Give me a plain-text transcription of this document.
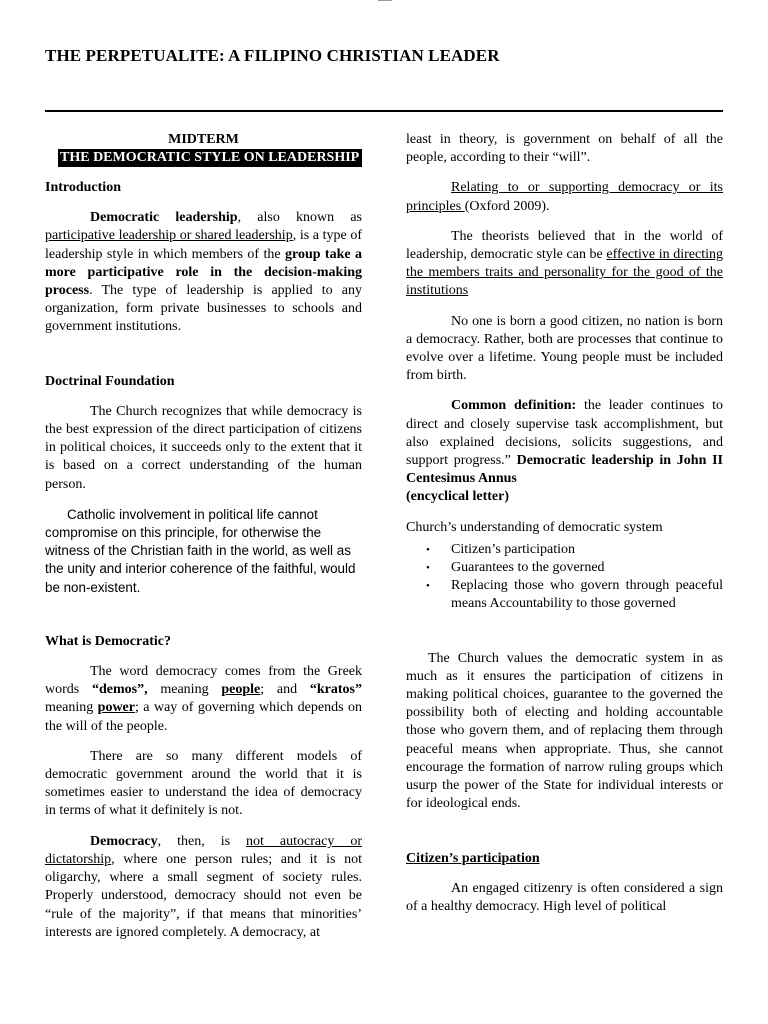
THE PERPETUALITE: A FILIPINO CHRISTIAN LEADER
MIDTERM
THE DEMOCRATIC STYLE ON LEADERSHIP

Introduction

Democratic leadership, also known as participative leadership or shared leadership, is a type of leadership style in which members of the group take a more participative role in the decision-making process. The type of leadership is applied to any organization, form private businesses to schools and government institutions.

Doctrinal Foundation

The Church recognizes that while democracy is the best expression of the direct participation of citizens in political choices, it succeeds only to the extent that it is based on a correct understanding of the human person.

Catholic involvement in political life cannot compromise on this principle, for otherwise the witness of the Christian faith in the world, as well as the unity and interior coherence of the faithful, would be non-existent.

What is Democratic?

The word democracy comes from the Greek words “demos”, meaning people; and “kratos” meaning power; a way of governing which depends on the will of the people.

There are so many different models of democratic government around the world that it is sometimes easier to understand the idea of democracy in terms of what it definitely is not.

Democracy, then, is not autocracy or dictatorship, where one person rules; and it is not oligarchy, where a small segment of society rules. Properly understood, democracy should not even be “rule of the majority”, if that means that minorities’ interests are ignored completely. A democracy, at

least in theory, is government on behalf of all the people, according to their “will”.

Relating to or supporting democracy or its principles (Oxford 2009).

The theorists believed that in the world of leadership, democratic style can be effective in directing the members traits and personality for the good of the institutions

No one is born a good citizen, no nation is born a democracy. Rather, both are processes that continue to evolve over a lifetime. Young people must be included from birth.

Common definition: the leader continues to direct and closely supervise task accomplishment, but also explained decisions, solicits suggestions, and support progress.” Democratic leadership in John II Centesimus Annus
(encyclical letter)

Church’s understanding of democratic system

• Citizen’s participation
• Guarantees to the governed
• Replacing those who govern through peaceful means Accountability to those governed

The Church values the democratic system in as much as it ensures the participation of citizens in making political choices, guarantee to the governed the possibility both of electing and holding accountable those who govern them, and of replacing them through peaceful means when appropriate. Thus, she cannot encourage the formation of narrow ruling groups which usurp the power of the State for individual interests or for ideological ends.

Citizen’s participation

An engaged citizenry is often considered a sign of a healthy democracy. High level of political
